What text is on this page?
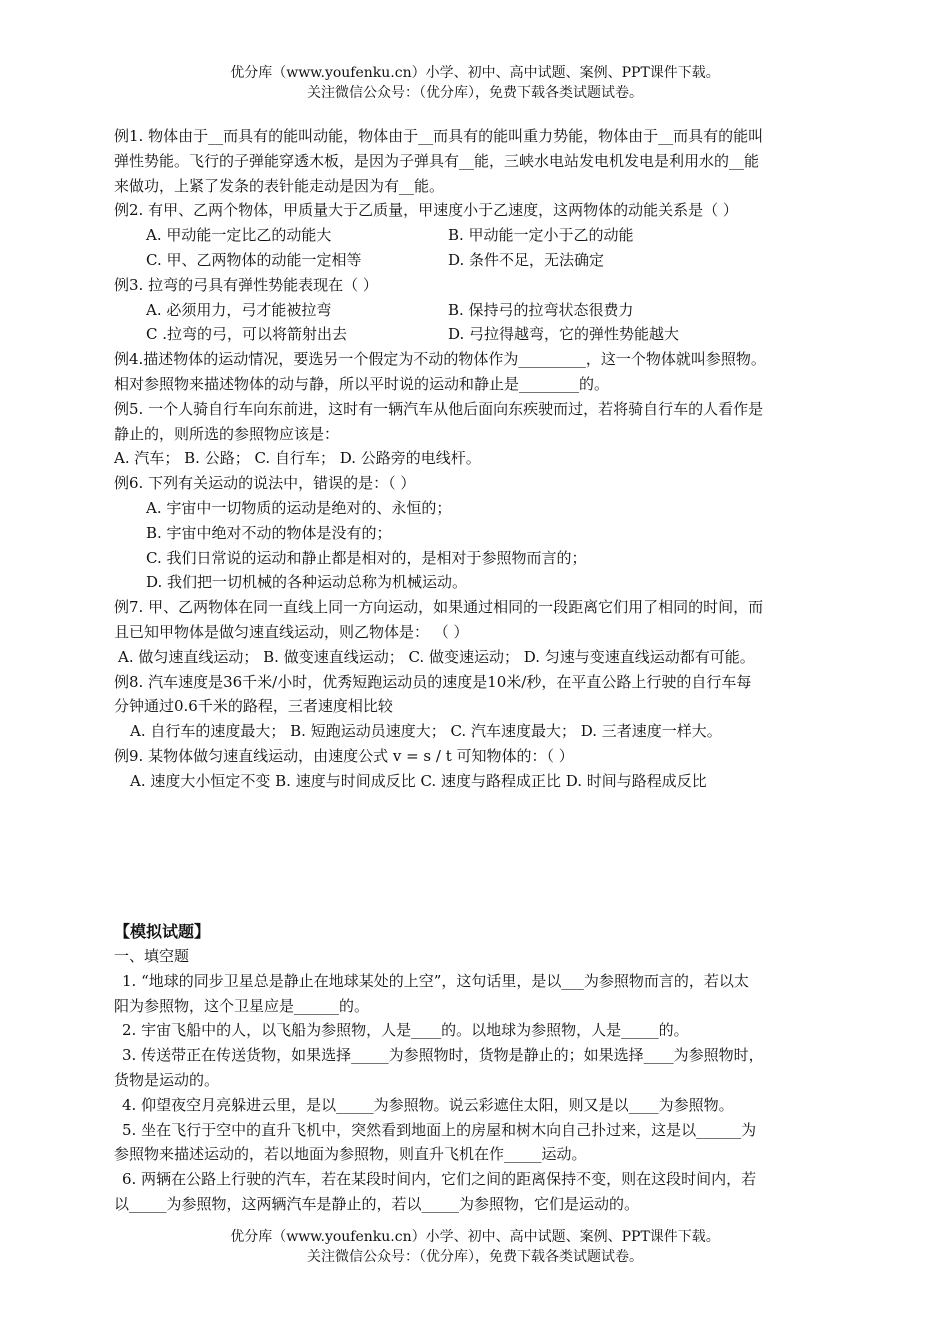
优分库（www.youfenku.cn）小学、初中、高中试题、案例、PPT课件下载。
关注微信公众号：（优分库），免费下载各类试题试卷。
例1. 物体由于__而具有的能叫动能，物体由于__而具有的能叫重力势能，物体由于__而具有的能叫
弹性势能。飞行的子弹能穿透木板，是因为子弹具有__能，三峡水电站发电机发电是利用水的__能
来做功，上紧了发条的表针能走动是因为有__能。
例2. 有甲、乙两个物体，甲质量大于乙质量，甲速度小于乙速度，这两物体的动能关系是（ ）
A. 甲动能一定比乙的动能大	B. 甲动能一定小于乙的动能
C. 甲、乙两物体的动能一定相等	D. 条件不足，无法确定
例3. 拉弯的弓具有弹性势能表现在（ ）
A. 必须用力，弓才能被拉弯	B. 保持弓的拉弯状态很费力
C .拉弯的弓，可以将箭射出去	D. 弓拉得越弯，它的弹性势能越大
例4.描述物体的运动情况，要选另一个假定为不动的物体作为_________，这一个物体就叫参照物。
相对参照物来描述物体的动与静，所以平时说的运动和静止是________的。
例5. 一个人骑自行车向东前进，这时有一辆汽车从他后面向东疾驶而过，若将骑自行车的人看作是
静止的，则所选的参照物应该是：
A. 汽车； B. 公路； C. 自行车； D. 公路旁的电线杆。
例6. 下列有关运动的说法中，错误的是：（ ）
A. 宇宙中一切物质的运动是绝对的、永恒的；
B. 宇宙中绝对不动的物体是没有的；
C. 我们日常说的运动和静止都是相对的，是相对于参照物而言的；
D. 我们把一切机械的各种运动总称为机械运动。
例7. 甲、乙两物体在同一直线上同一方向运动，如果通过相同的一段距离它们用了相同的时间，而
且已知甲物体是做匀速直线运动，则乙物体是： （ ）
A. 做匀速直线运动； B. 做变速直线运动； C. 做变速运动； D. 匀速与变速直线运动都有可能。
例8. 汽车速度是36千米/小时，优秀短跑运动员的速度是10米/秒，在平直公路上行驶的自行车每
分钟通过0.6千米的路程，三者速度相比较
A. 自行车的速度最大； B. 短跑运动员速度大； C. 汽车速度最大； D. 三者速度一样大。
例9. 某物体做匀速直线运动，由速度公式 v = s / t 可知物体的：（ ）
A. 速度大小恒定不变 B. 速度与时间成反比 C. 速度与路程成正比 D. 时间与路程成反比
【模拟试题】
一、填空题
1. “地球的同步卫星总是静止在地球某处的上空”，这句话里，是以___为参照物而言的，若以太
阳为参照物，这个卫星应是______的。
2. 宇宙飞船中的人，以飞船为参照物，人是____的。以地球为参照物，人是_____的。
3. 传送带正在传送货物，如果选择_____为参照物时，货物是静止的；如果选择____为参照物时，
货物是运动的。
4. 仰望夜空月亮躲进云里，是以_____为参照物。说云彩遮住太阳，则又是以____为参照物。
5. 坐在飞行于空中的直升飞机中，突然看到地面上的房屋和树木向自己扑过来，这是以______为
参照物来描述运动的，若以地面为参照物，则直升飞机在作_____运动。
6. 两辆在公路上行驶的汽车，若在某段时间内，它们之间的距离保持不变，则在这段时间内，若
以_____为参照物，这两辆汽车是静止的，若以_____为参照物，它们是运动的。
优分库（www.youfenku.cn）小学、初中、高中试题、案例、PPT课件下载。
关注微信公众号：（优分库），免费下载各类试题试卷。
